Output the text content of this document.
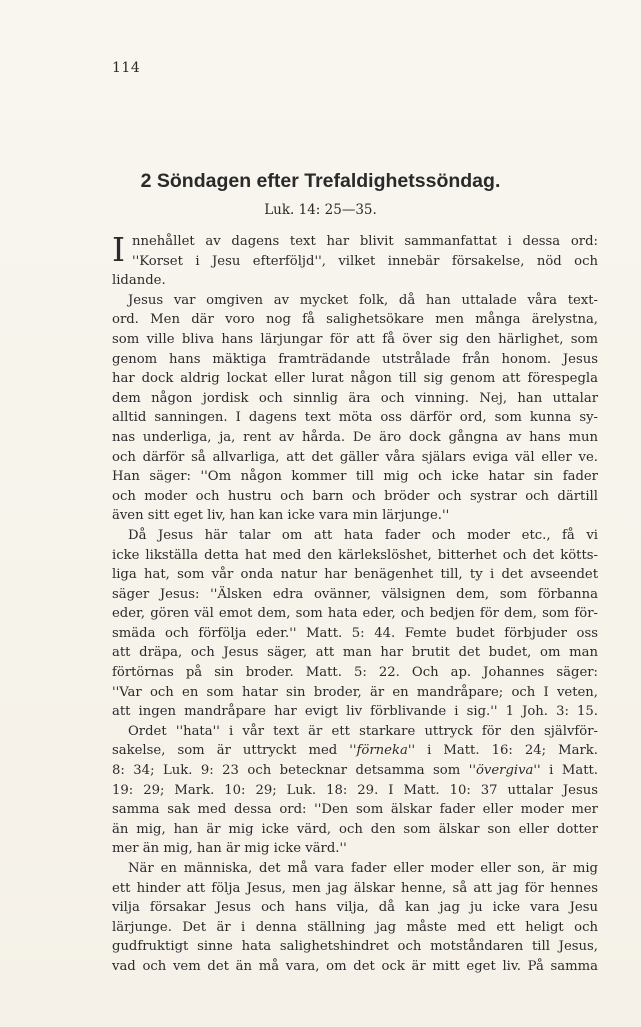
114
2 Söndagen efter Trefaldighetssöndag.
Luk. 14: 25—35.
I nnehållet av dagens text har blivit sammanfattat i dessa ord:
''Korset i Jesu efterföljd'', vilket innebär försakelse, nöd och
lidande.
Jesus var omgiven av mycket folk, då han uttalade våra text-
ord. Men där voro nog få salighetsökare men många ärelystna,
som ville bliva hans lärjungar för att få över sig den härlighet, som
genom hans mäktiga framträdande utstrålade från honom. Jesus
har dock aldrig lockat eller lurat någon till sig genom att förespegla
dem någon jordisk och sinnlig ära och vinning. Nej, han uttalar
alltid sanningen. I dagens text möta oss därför ord, som kunna sy-
nas underliga, ja, rent av hårda. De äro dock gångna av hans mun
och därför så allvarliga, att det gäller våra själars eviga väl eller ve.
Han säger: ''Om någon kommer till mig och icke hatar sin fader
och moder och hustru och barn och bröder och systrar och därtill
även sitt eget liv, han kan icke vara min lärjunge.''
Då Jesus här talar om att hata fader och moder etc., få vi
icke likställa detta hat med den kärlekslöshet, bitterhet och det kötts-
liga hat, som vår onda natur har benägenhet till, ty i det avseendet
säger Jesus: ''Älsken edra ovänner, välsignen dem, som förbanna
eder, gören väl emot dem, som hata eder, och bedjen för dem, som för-
smäda och förfölja eder.'' Matt. 5: 44. Femte budet förbjuder oss
att dräpa, och Jesus säger, att man har brutit det budet, om man
förtörnas på sin broder. Matt. 5: 22. Och ap. Johannes säger:
''Var och en som hatar sin broder, är en mandråpare; och I veten,
att ingen mandråpare har evigt liv förblivande i sig.'' 1 Joh. 3: 15.
Ordet ''hata'' i vår text är ett starkare uttryck för den självför-
sakelse, som är uttryckt med ''förneka'' i Matt. 16: 24; Mark.
8: 34; Luk. 9: 23 och betecknar detsamma som ''övergiva'' i Matt.
19: 29; Mark. 10: 29; Luk. 18: 29. I Matt. 10: 37 uttalar Jesus
samma sak med dessa ord: ''Den som älskar fader eller moder mer
än mig, han är mig icke värd, och den som älskar son eller dotter
mer än mig, han är mig icke värd.''
När en människa, det må vara fader eller moder eller son, är mig
ett hinder att följa Jesus, men jag älskar henne, så att jag för hennes
vilja försakar Jesus och hans vilja, då kan jag ju icke vara Jesu
lärjunge. Det är i denna ställning jag måste med ett heligt och
gudfruktigt sinne hata salighetshindret och motståndaren till Jesus,
vad och vem det än må vara, om det ock är mitt eget liv. På samma
